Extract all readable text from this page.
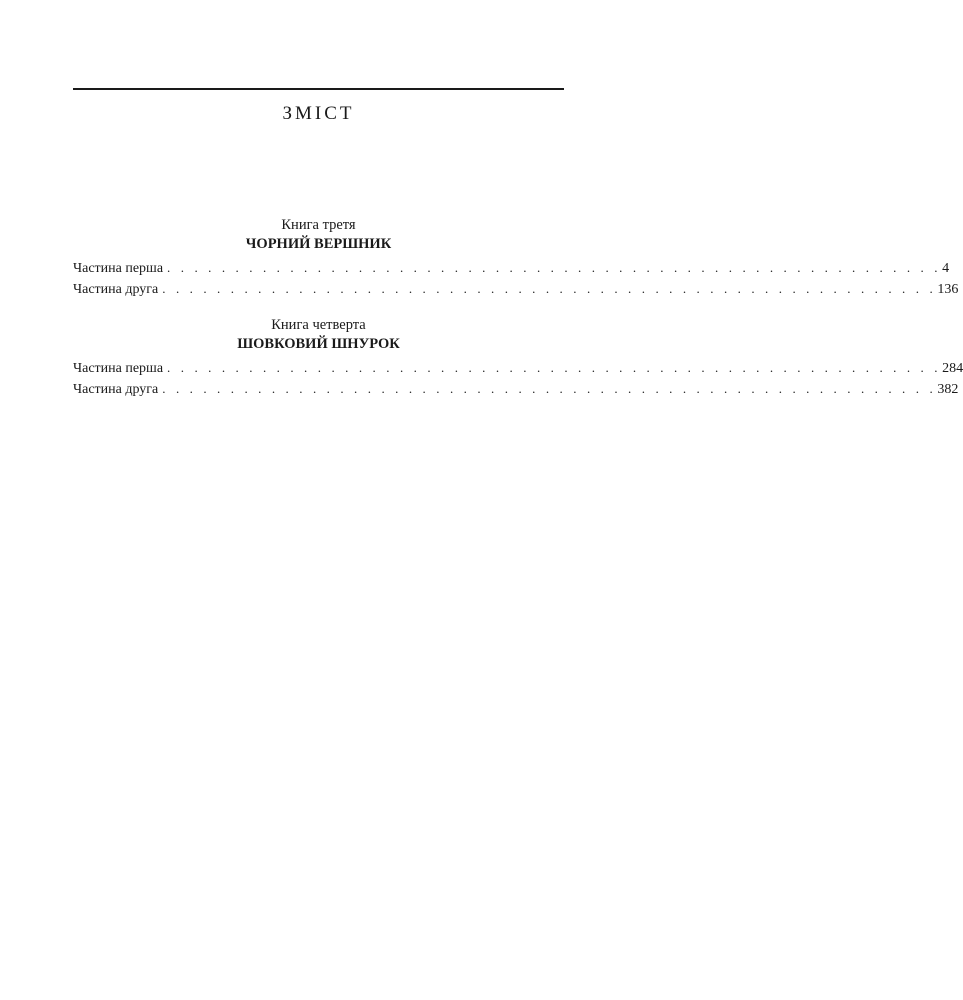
ЗМІСТ
Книга третя
ЧОРНИЙ ВЕРШНИК
Частина перша . . . . . . . . . . . . . . . . . . . . . . . . . . . . . . . . . . . . . . . . . . . . . . . . . . . . . . . . . 4
Частина друга . . . . . . . . . . . . . . . . . . . . . . . . . . . . . . . . . . . . . . . . . . . . . . . . . . . . . . . . . 136
Книга четверта
ШОВКОВИЙ ШНУРОК
Частина перша . . . . . . . . . . . . . . . . . . . . . . . . . . . . . . . . . . . . . . . . . . . . . . . . . . . . . . . . . 284
Частина друга . . . . . . . . . . . . . . . . . . . . . . . . . . . . . . . . . . . . . . . . . . . . . . . . . . . . . . . . . 382
